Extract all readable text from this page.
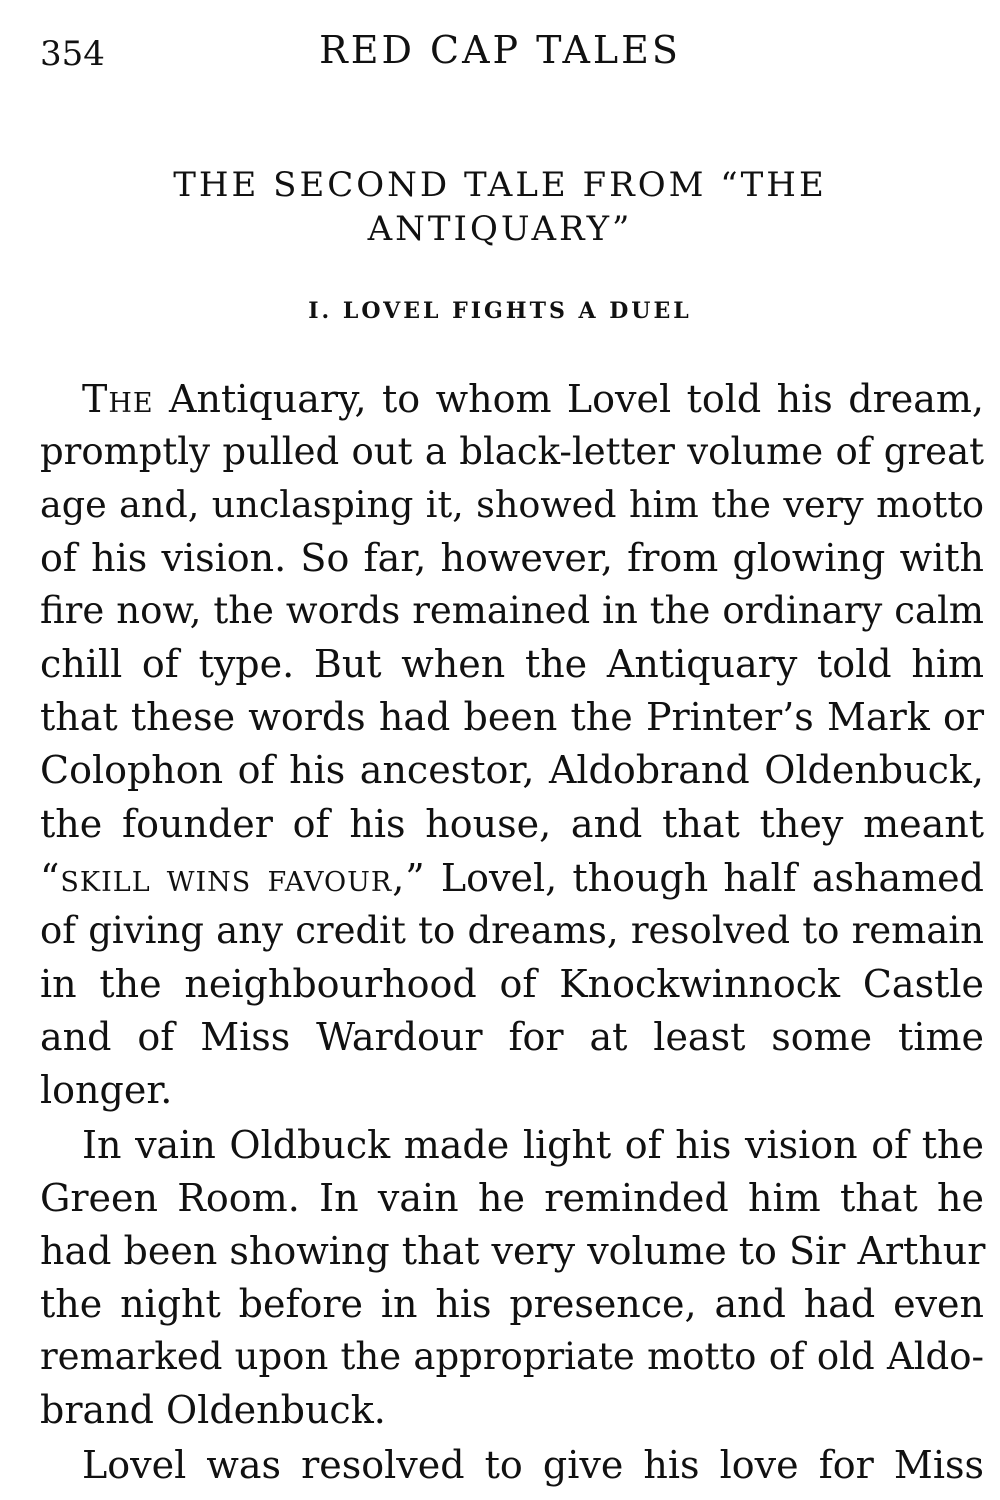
354	RED CAP TALES
THE SECOND TALE FROM “THE
ANTIQUARY”
I. LOVEL FIGHTS A DUEL
The Antiquary, to whom Lovel told his dream,
promptly pulled out a black-letter volume of great
age and, unclasping it, showed him the very motto
of his vision. So far, however, from glowing with
fire now, the words remained in the ordinary calm
chill of type. But when the Antiquary told him
that these words had been the Printer’s Mark or
Colophon of his ancestor, Aldobrand Oldenbuck,
the founder of his house, and that they meant
“skill wins favour,” Lovel, though half ashamed
of giving any credit to dreams, resolved to remain
in the neighbourhood of Knockwinnock Castle
and of Miss Wardour for at least some time
longer.
In vain Oldbuck made light of his vision of the
Green Room. In vain he reminded him that he
had been showing that very volume to Sir Arthur
the night before in his presence, and had even
remarked upon the appropriate motto of old Aldo-
brand Oldenbuck.
Lovel was resolved to give his love for Miss
